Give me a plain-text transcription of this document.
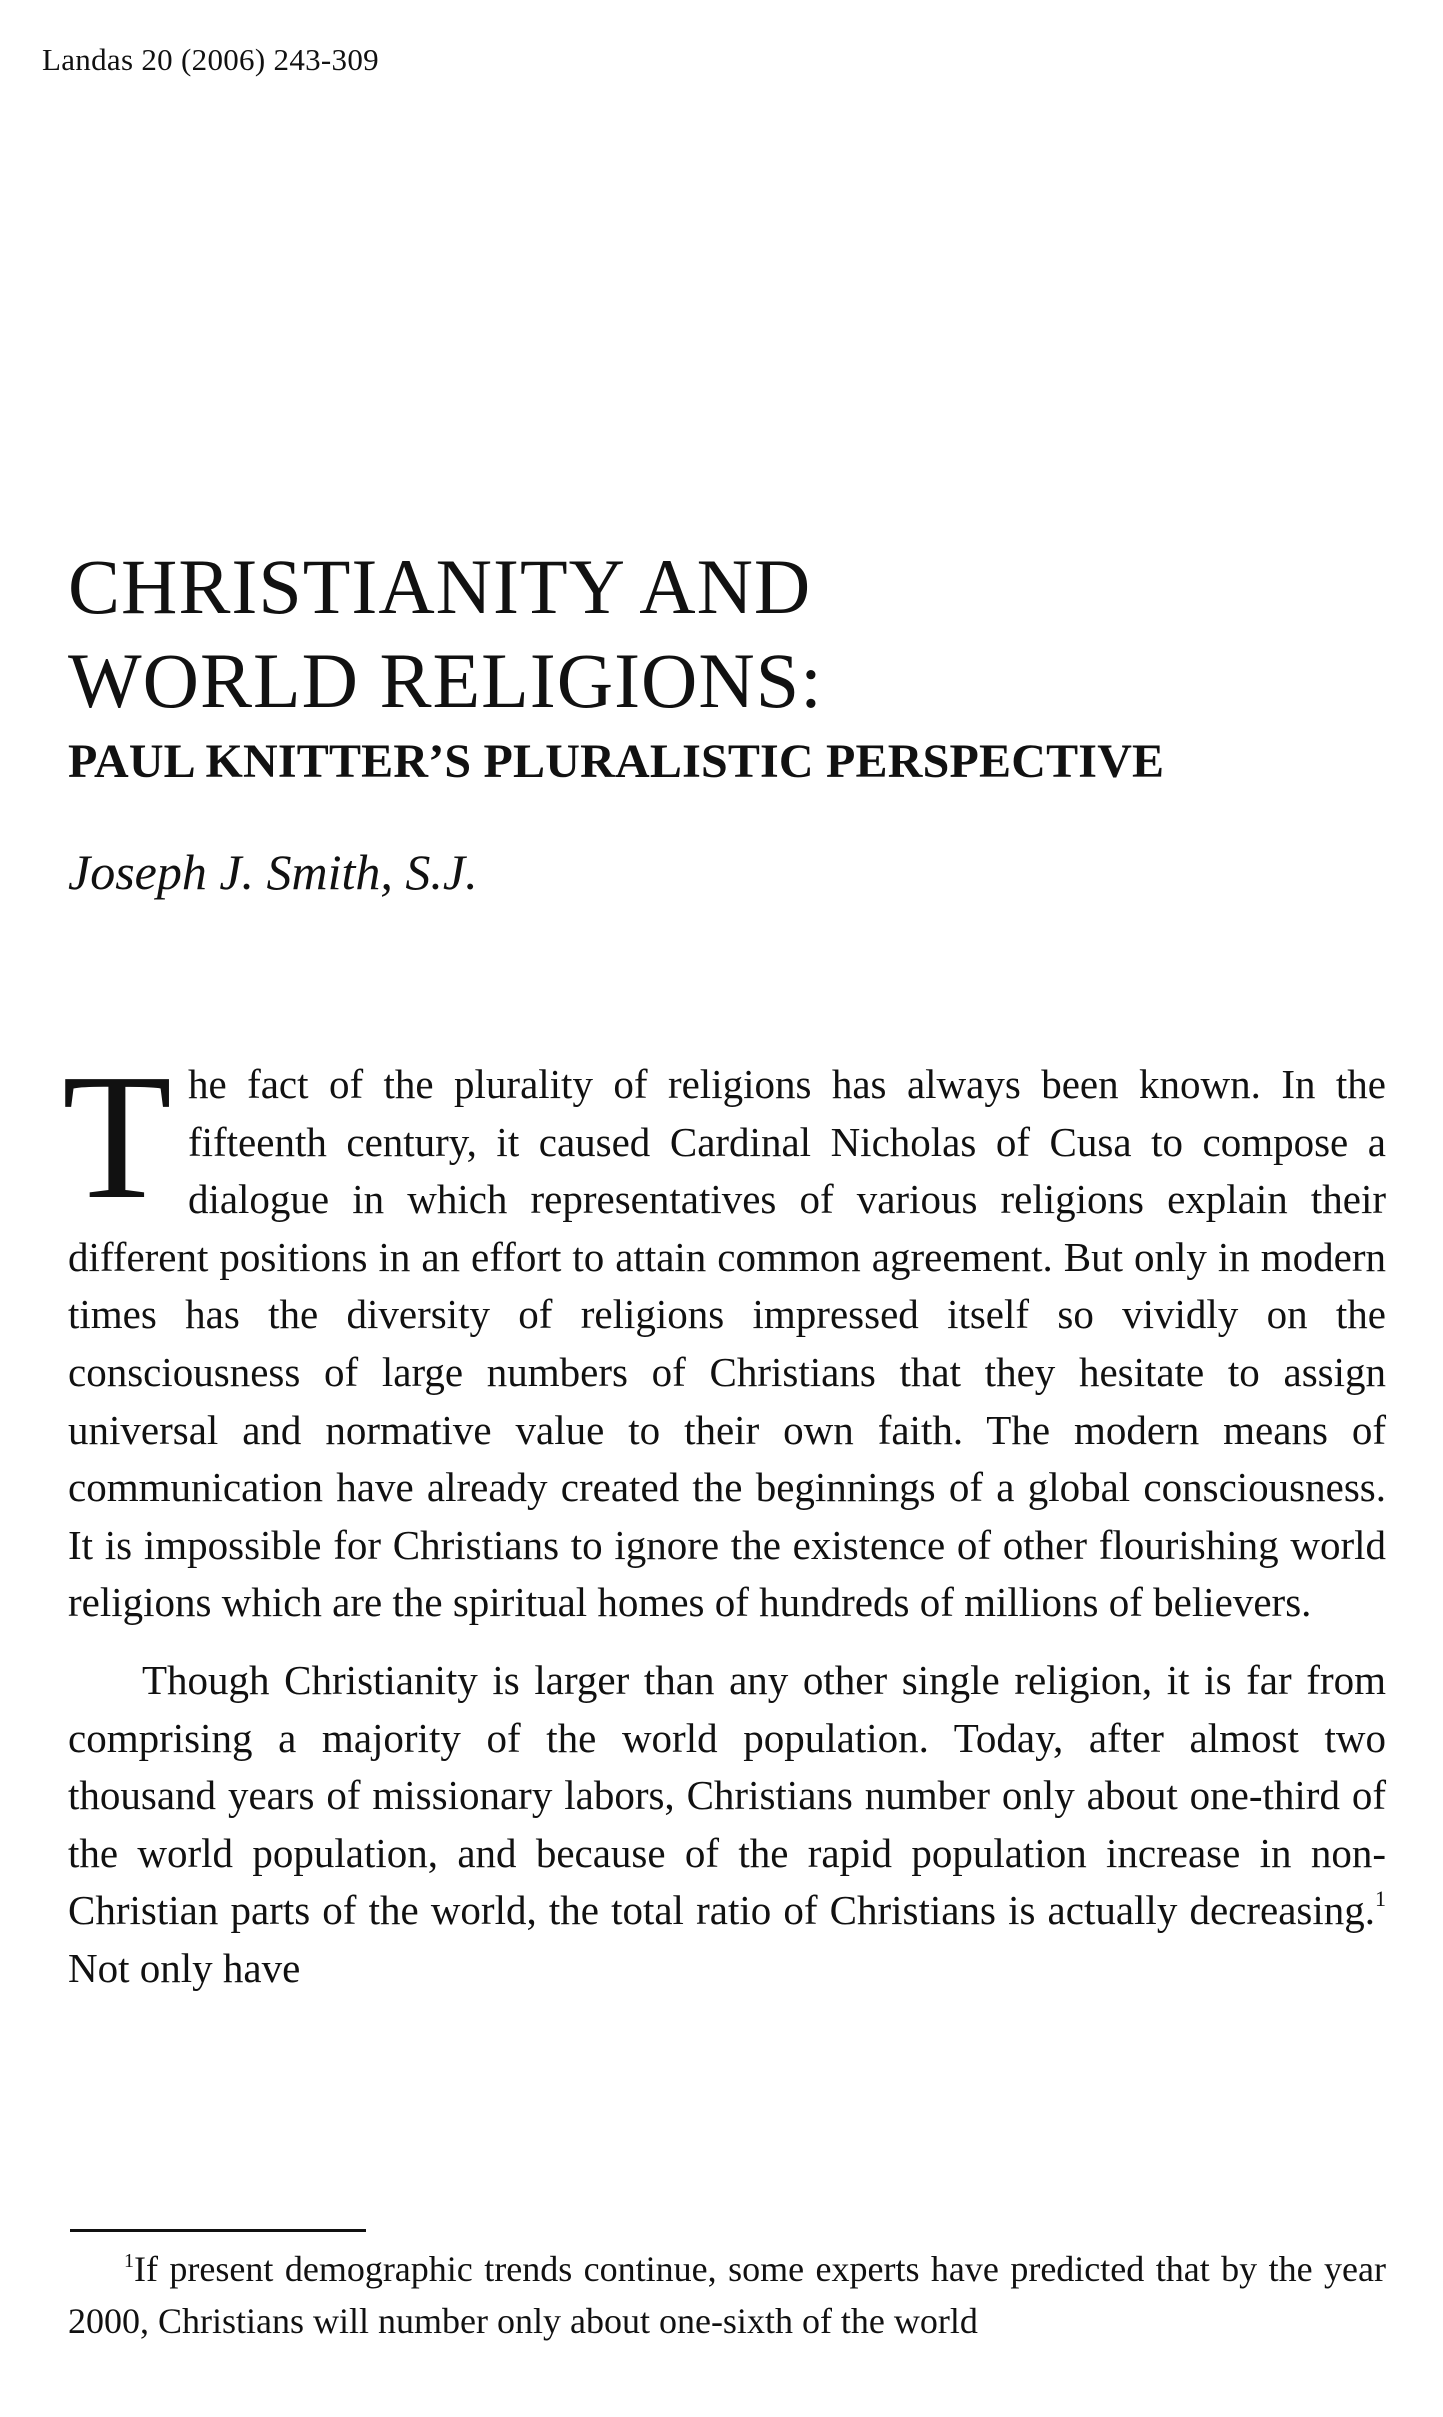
Landas 20 (2006) 243-309
CHRISTIANITY AND
WORLD RELIGIONS:
PAUL KNITTER’S PLURALISTIC PERSPECTIVE
Joseph J. Smith, S.J.

The fact of the plurality of religions has always been known. In the fifteenth century, it caused Cardinal Nicholas of Cusa to compose a dialogue in which representatives of various religions explain their different positions in an effort to attain common agreement. But only in modern times has the diversity of religions impressed itself so vividly on the consciousness of large numbers of Christians that they hesitate to assign universal and normative value to their own faith. The modern means of communication have already created the beginnings of a global consciousness. It is impossible for Christians to ignore the existence of other flourishing world religions which are the spiritual homes of hundreds of millions of believers.

Though Christianity is larger than any other single religion, it is far from comprising a majority of the world population. Today, after almost two thousand years of missionary labors, Christians number only about one-third of the world population, and because of the rapid population increase in non-Christian parts of the world, the total ratio of Christians is actually decreasing.$^1$ Not only have

$^1$If present demographic trends continue, some experts have predicted that by the year 2000, Christians will number only about one-sixth of the world
